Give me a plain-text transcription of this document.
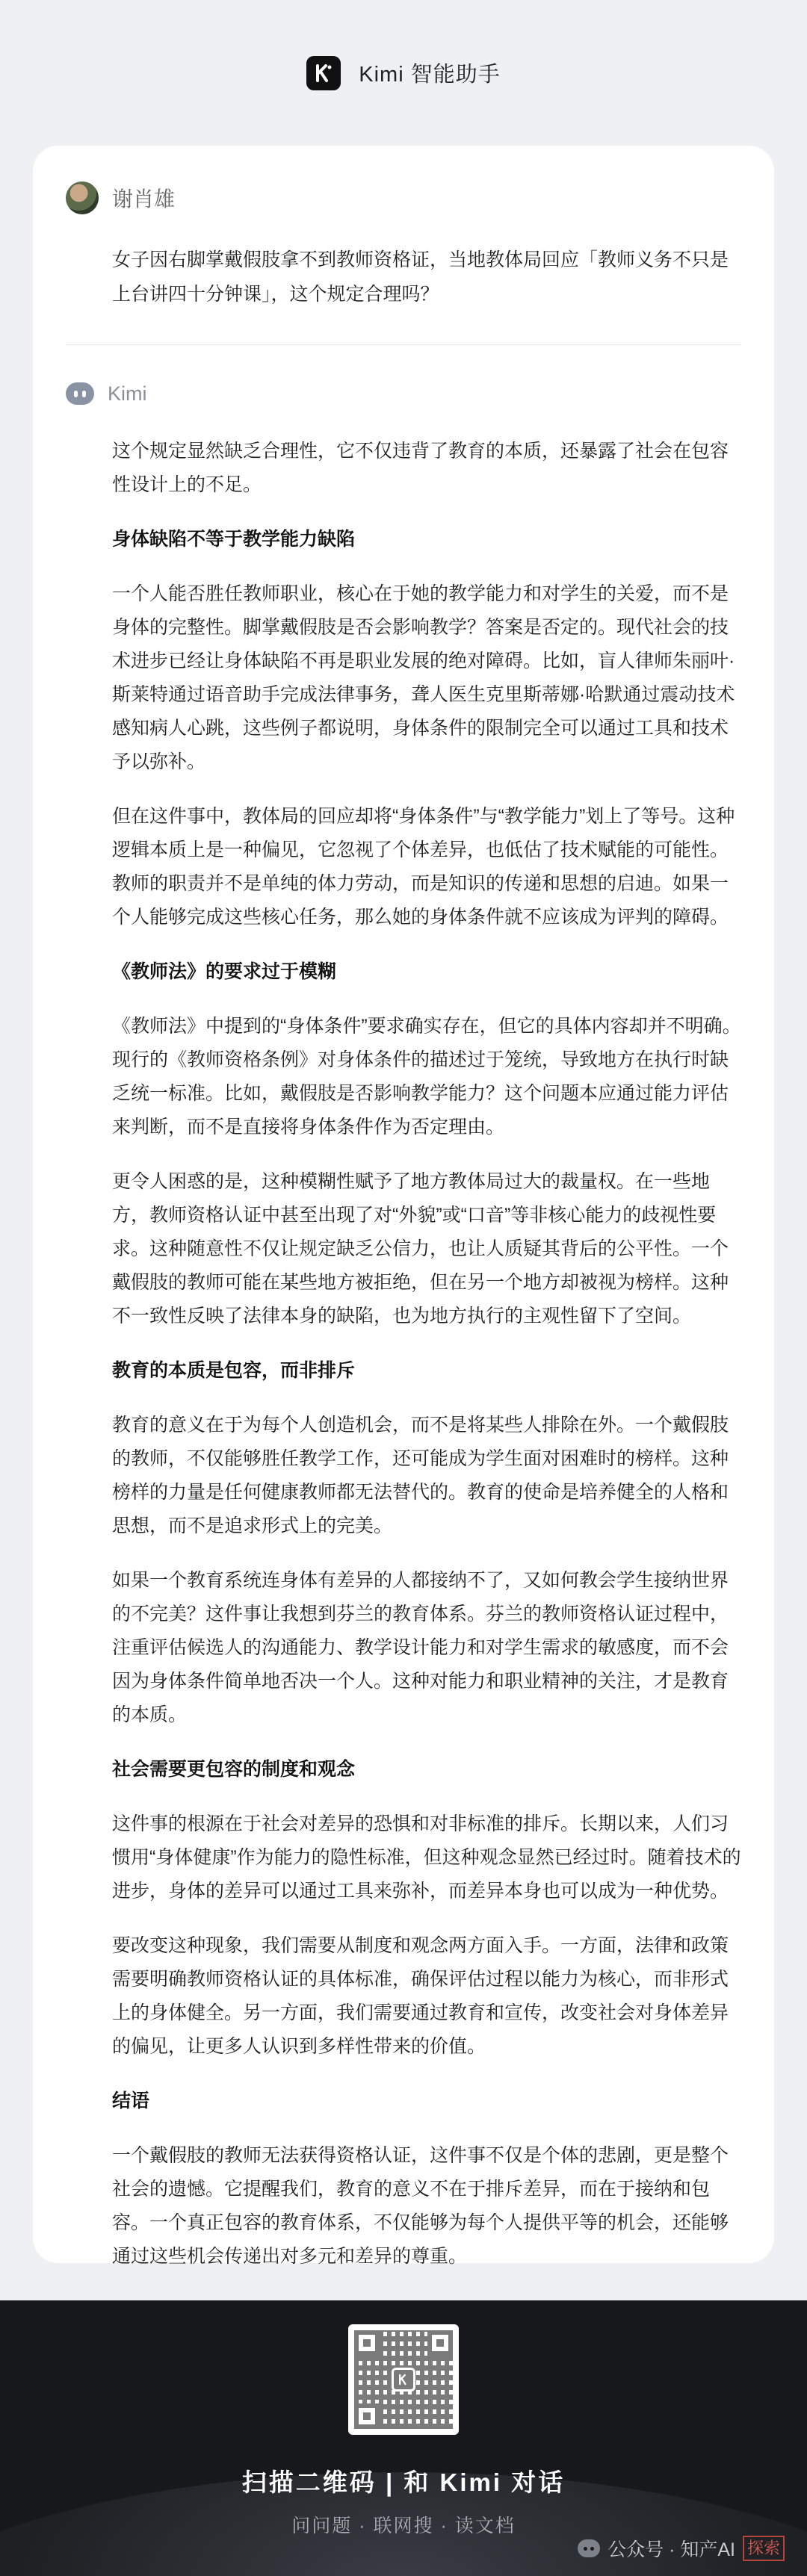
Kimi 智能助手
谢肖雄
女子因右脚掌戴假肢拿不到教师资格证，当地教体局回应「教师义务不只是上台讲四十分钟课」，这个规定合理吗？
Kimi
这个规定显然缺乏合理性，它不仅违背了教育的本质，还暴露了社会在包容性设计上的不足。
身体缺陷不等于教学能力缺陷
一个人能否胜任教师职业，核心在于她的教学能力和对学生的关爱，而不是身体的完整性。脚掌戴假肢是否会影响教学？答案是否定的。现代社会的技术进步已经让身体缺陷不再是职业发展的绝对障碍。比如，盲人律师朱丽叶·斯莱特通过语音助手完成法律事务，聋人医生克里斯蒂娜·哈默通过震动技术感知病人心跳，这些例子都说明，身体条件的限制完全可以通过工具和技术予以弥补。
但在这件事中，教体局的回应却将“身体条件”与“教学能力”划上了等号。这种逻辑本质上是一种偏见，它忽视了个体差异，也低估了技术赋能的可能性。教师的职责并不是单纯的体力劳动，而是知识的传递和思想的启迪。如果一个人能够完成这些核心任务，那么她的身体条件就不应该成为评判的障碍。
《教师法》的要求过于模糊
《教师法》中提到的“身体条件”要求确实存在，但它的具体内容却并不明确。现行的《教师资格条例》对身体条件的描述过于笼统，导致地方在执行时缺乏统一标准。比如，戴假肢是否影响教学能力？这个问题本应通过能力评估来判断，而不是直接将身体条件作为否定理由。
更令人困惑的是，这种模糊性赋予了地方教体局过大的裁量权。在一些地方，教师资格认证中甚至出现了对“外貌”或“口音”等非核心能力的歧视性要求。这种随意性不仅让规定缺乏公信力，也让人质疑其背后的公平性。一个戴假肢的教师可能在某些地方被拒绝，但在另一个地方却被视为榜样。这种不一致性反映了法律本身的缺陷，也为地方执行的主观性留下了空间。
教育的本质是包容，而非排斥
教育的意义在于为每个人创造机会，而不是将某些人排除在外。一个戴假肢的教师，不仅能够胜任教学工作，还可能成为学生面对困难时的榜样。这种榜样的力量是任何健康教师都无法替代的。教育的使命是培养健全的人格和思想，而不是追求形式上的完美。
如果一个教育系统连身体有差异的人都接纳不了，又如何教会学生接纳世界的不完美？这件事让我想到芬兰的教育体系。芬兰的教师资格认证过程中，注重评估候选人的沟通能力、教学设计能力和对学生需求的敏感度，而不会因为身体条件简单地否决一个人。这种对能力和职业精神的关注，才是教育的本质。
社会需要更包容的制度和观念
这件事的根源在于社会对差异的恐惧和对非标准的排斥。长期以来，人们习惯用“身体健康”作为能力的隐性标准，但这种观念显然已经过时。随着技术的进步，身体的差异可以通过工具来弥补，而差异本身也可以成为一种优势。
要改变这种现象，我们需要从制度和观念两方面入手。一方面，法律和政策需要明确教师资格认证的具体标准，确保评估过程以能力为核心，而非形式上的身体健全。另一方面，我们需要通过教育和宣传，改变社会对身体差异的偏见，让更多人认识到多样性带来的价值。
结语
一个戴假肢的教师无法获得资格认证，这件事不仅是个体的悲剧，更是整个社会的遗憾。它提醒我们，教育的意义不在于排斥差异，而在于接纳和包容。一个真正包容的教育体系，不仅能够为每个人提供平等的机会，还能够通过这些机会传递出对多元和差异的尊重。
扫描二维码 | 和 Kimi 对话
问问题 · 联网搜 · 读文档
公众号 · 知产AI 探索
